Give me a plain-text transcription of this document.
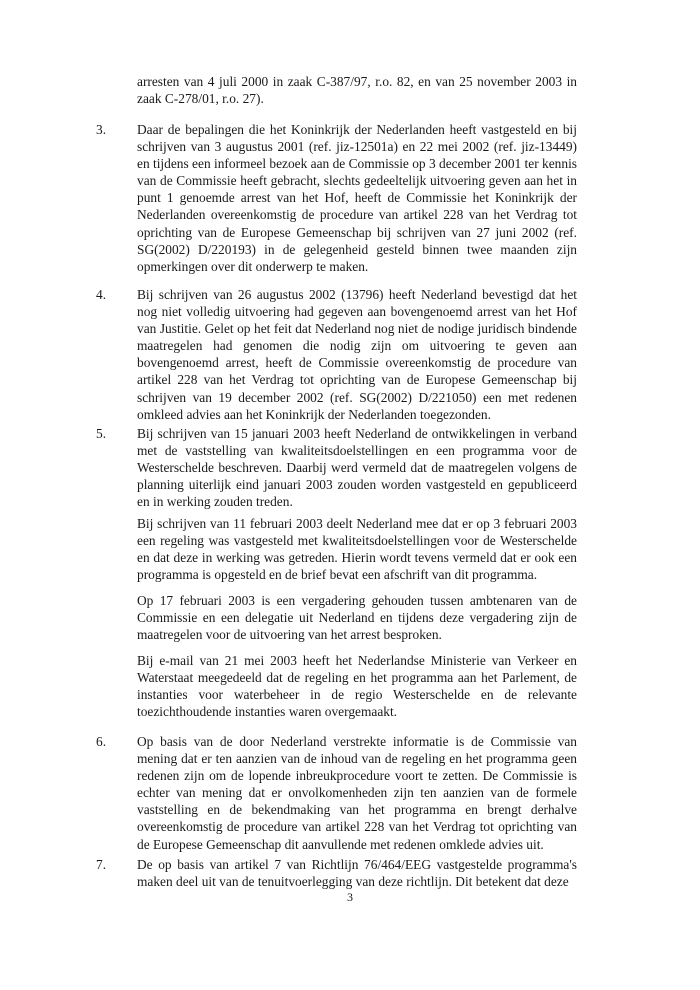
arresten van 4 juli 2000 in zaak C-387/97, r.o. 82, en van 25 november 2003 in zaak C-278/01, r.o. 27).
3. Daar de bepalingen die het Koninkrijk der Nederlanden heeft vastgesteld en bij schrijven van 3 augustus 2001 (ref. jiz-12501a) en 22 mei 2002 (ref. jiz-13449) en tijdens een informeel bezoek aan de Commissie op 3 december 2001 ter kennis van de Commissie heeft gebracht, slechts gedeeltelijk uitvoering geven aan het in punt 1 genoemde arrest van het Hof, heeft de Commissie het Koninkrijk der Nederlanden overeenkomstig de procedure van artikel 228 van het Verdrag tot oprichting van de Europese Gemeenschap bij schrijven van 27 juni 2002 (ref. SG(2002) D/220193) in de gelegenheid gesteld binnen twee maanden zijn opmerkingen over dit onderwerp te maken.
4. Bij schrijven van 26 augustus 2002 (13796) heeft Nederland bevestigd dat het nog niet volledig uitvoering had gegeven aan bovengenoemd arrest van het Hof van Justitie. Gelet op het feit dat Nederland nog niet de nodige juridisch bindende maatregelen had genomen die nodig zijn om uitvoering te geven aan bovengenoemd arrest, heeft de Commissie overeenkomstig de procedure van artikel 228 van het Verdrag tot oprichting van de Europese Gemeenschap bij schrijven van 19 december 2002 (ref. SG(2002) D/221050) een met redenen omkleed advies aan het Koninkrijk der Nederlanden toegezonden.
5. Bij schrijven van 15 januari 2003 heeft Nederland de ontwikkelingen in verband met de vaststelling van kwaliteitsdoelstellingen en een programma voor de Westerschelde beschreven. Daarbij werd vermeld dat de maatregelen volgens de planning uiterlijk eind januari 2003 zouden worden vastgesteld en gepubliceerd en in werking zouden treden.
Bij schrijven van 11 februari 2003 deelt Nederland mee dat er op 3 februari 2003 een regeling was vastgesteld met kwaliteitsdoelstellingen voor de Westerschelde en dat deze in werking was getreden. Hierin wordt tevens vermeld dat er ook een programma is opgesteld en de brief bevat een afschrift van dit programma.
Op 17 februari 2003 is een vergadering gehouden tussen ambtenaren van de Commissie en een delegatie uit Nederland en tijdens deze vergadering zijn de maatregelen voor de uitvoering van het arrest besproken.
Bij e-mail van 21 mei 2003 heeft het Nederlandse Ministerie van Verkeer en Waterstaat meegedeeld dat de regeling en het programma aan het Parlement, de instanties voor waterbeheer in de regio Westerschelde en de relevante toezichthoudende instanties waren overgemaakt.
6. Op basis van de door Nederland verstrekte informatie is de Commissie van mening dat er ten aanzien van de inhoud van de regeling en het programma geen redenen zijn om de lopende inbreukprocedure voort te zetten. De Commissie is echter van mening dat er onvolkomenheden zijn ten aanzien van de formele vaststelling en de bekendmaking van het programma en brengt derhalve overeenkomstig de procedure van artikel 228 van het Verdrag tot oprichting van de Europese Gemeenschap dit aanvullende met redenen omklede advies uit.
7. De op basis van artikel 7 van Richtlijn 76/464/EEG vastgestelde programma's maken deel uit van de tenuitvoerlegging van deze richtlijn. Dit betekent dat deze
3
